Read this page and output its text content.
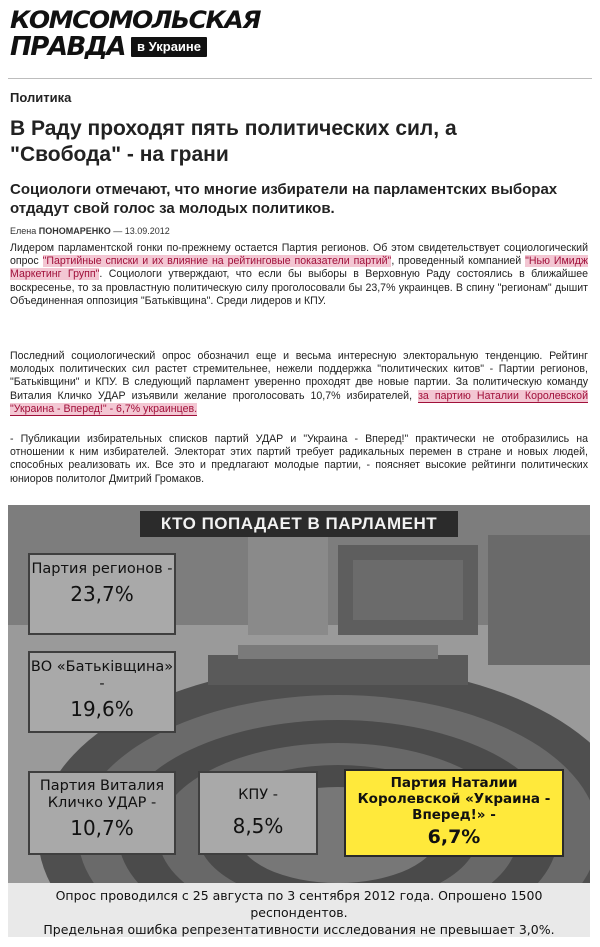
КОМСОМОЛЬСКАЯ
ПРАВДА в Украине
Политика
В Раду проходят пять политических сил, а "Свобода" - на грани
Социологи отмечают, что многие избиратели на парламентских выборах отдадут свой голос за молодых политиков.
Елена ПОНОМАРЕНКО — 13.09.2012

Лидером парламентской гонки по-прежнему остается Партия регионов. Об этом свидетельствует социологический опрос "Партийные списки и их влияние на рейтинговые показатели партий", проведенный компанией "Нью Имидж Маркетинг Групп". Социологи утверждают, что если бы выборы в Верховную Раду состоялись в ближайшее воскресенье, то за провластную политическую силу проголосовали бы 23,7% украинцев. В спину "регионам" дышит Объединенная оппозиция "Батьківщина". Среди лидеров и КПУ.

Последний социологический опрос обозначил еще и весьма интересную электоральную тенденцию. Рейтинг молодых политических сил растет стремительнее, нежели поддержка "политических китов" - Партии регионов, "Батьківщини" и КПУ. В следующий парламент уверенно проходят две новые партии. За политическую команду Виталия Кличко УДАР изъявили желание проголосовать 10,7% избирателей, за партию Наталии Королевской "Украина - Вперед!" - 6,7% украинцев.

- Публикации избирательных списков партий УДАР и "Украина - Вперед!" практически не отобразились на отношении к ним избирателей. Электорат этих партий требует радикальных перемен в стране и новых людей, способных реализовать их. Все это и предлагают молодые партии, - поясняет высокие рейтинги политических юниоров политолог Дмитрий Громаков.

КТО ПОПАДАЕТ В ПАРЛАМЕНТ
Партия регионов -
23,7%
ВО «Батьківщина» -
19,6%
Партия Виталия Кличко УДАР -
10,7%
КПУ -
8,5%
Партия Наталии Королевской «Украина - Вперед!» -
6,7%
Опрос проводился с 25 августа по 3 сентября 2012 года. Опрошено 1500 респондентов.
Предельная ошибка репрезентативности исследования не превышает 3,0%.
